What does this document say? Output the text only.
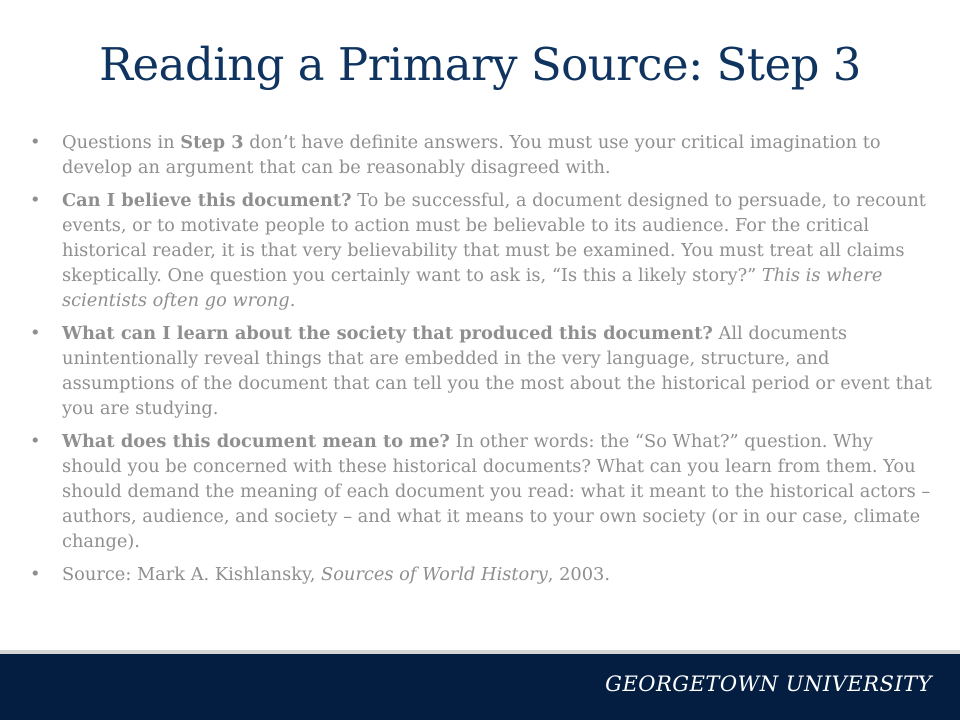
Reading a Primary Source: Step 3
• Questions in Step 3 don’t have definite answers. You must use your critical imagination to develop an argument that can be reasonably disagreed with.
• Can I believe this document? To be successful, a document designed to persuade, to recount events, or to motivate people to action must be believable to its audience. For the critical historical reader, it is that very believability that must be examined. You must treat all claims skeptically. One question you certainly want to ask is, “Is this a likely story?” This is where scientists often go wrong.
• What can I learn about the society that produced this document? All documents unintentionally reveal things that are embedded in the very language, structure, and assumptions of the document that can tell you the most about the historical period or event that you are studying.
• What does this document mean to me? In other words: the “So What?” question. Why should you be concerned with these historical documents? What can you learn from them. You should demand the meaning of each document you read: what it meant to the historical actors – authors, audience, and society – and what it means to your own society (or in our case, climate change).
• Source: Mark A. Kishlansky, Sources of World History, 2003.
GEORGETOWN UNIVERSITY
